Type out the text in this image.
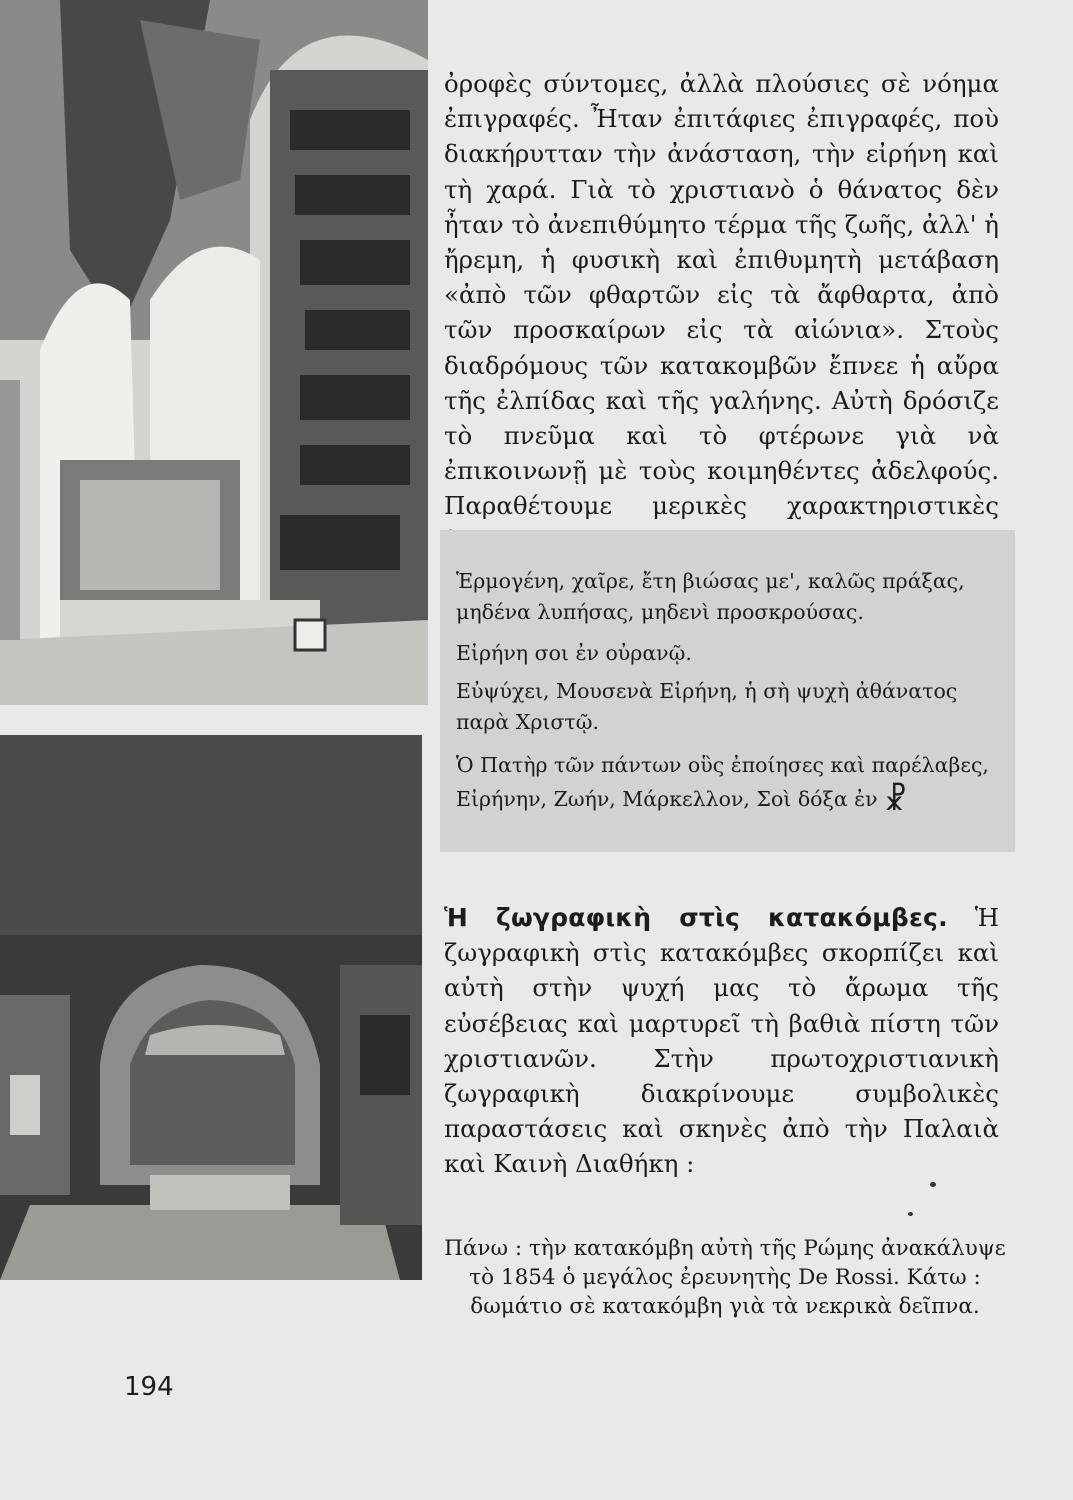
ὀροφὲς σύντομες, ἀλλὰ πλούσιες σὲ νόημα ἐπιγραφές. Ἦταν ἐπιτάφιες ἐπιγραφές, ποὺ διακήρυτταν τὴν ἀνάσταση, τὴν εἰρήνη καὶ τὴ χαρά. Γιὰ τὸ χριστιανὸ ὁ θάνατος δὲν ἦταν τὸ ἀνεπιθύμητο τέρμα τῆς ζωῆς, ἀλλ' ἡ ἤρεμη, ἡ φυσικὴ καὶ ἐπιθυμητὴ μετάβαση «ἀπὸ τῶν φθαρτῶν εἰς τὰ ἄφθαρτα, ἀπὸ τῶν προσκαίρων εἰς τὰ αἰώνια». Στοὺς διαδρόμους τῶν κατακομβῶν ἔπνεε ἡ αὔρα τῆς ἐλπίδας καὶ τῆς γαλήνης. Αὐτὴ δρόσιζε τὸ πνεῦμα καὶ τὸ φτέρωνε γιὰ νὰ ἐπικοινωνῇ μὲ τοὺς κοιμηθέντες ἀδελφούς. Παραθέτουμε μερικὲς χαρακτηριστικὲς

Ἑρμογένη, χαῖρε, ἔτη βιώσας με', καλῶς πράξας, μηδένα λυπήσας, μηδενὶ προσκρούσας.

Εἰρήνη σοι ἐν οὐρανῷ.

Εὐψύχει, Μουσενὰ Εἰρήνη, ἡ σὴ ψυχὴ ἀθάνατος παρὰ Χριστῷ.

Ὁ Πατὴρ τῶν πάντων οὓς ἐποίησες καὶ παρέλαβες, Εἰρήνην, Ζωήν, Μάρκελλον, Σοὶ δόξα ἐν ☧

Ἡ ζωγραφικὴ στὶς κατακόμβες. Ἡ ζωγραφικὴ στὶς κατακόμβες σκορπίζει καὶ αὐτὴ στὴν ψυχή μας τὸ ἄρωμα τῆς εὐσέβειας καὶ μαρτυρεῖ τὴ βαθιὰ πίστη τῶν χριστιανῶν. Στὴν πρωτοχριστιανικὴ ζωγραφικὴ διακρίνουμε συμβολικὲς παραστάσεις καὶ σκηνὲς ἀπὸ τὴν Παλαιὰ καὶ Καινὴ Διαθήκη :

Πάνω : τὴν κατακόμβη αὐτὴ τῆς Ρώμης ἀνακάλυψε τὸ 1854 ὁ μεγάλος ἐρευνητὴς De Rossi. Κάτω : δωμάτιο σὲ κατακόμβη γιὰ τὰ νεκρικὰ δεῖπνα.

194
